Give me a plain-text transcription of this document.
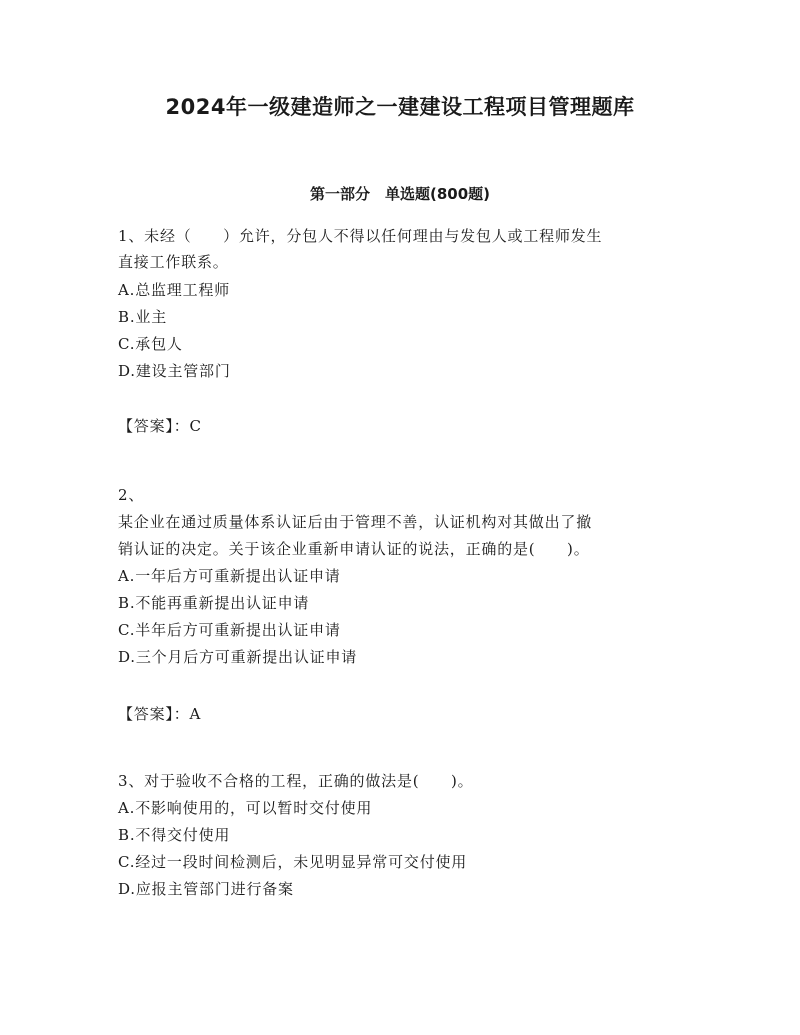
2024年一级建造师之一建建设工程项目管理题库
第一部分　单选题(800题)
1、未经（　　）允许，分包人不得以任何理由与发包人或工程师发生
直接工作联系。
A.总监理工程师
B.业主
C.承包人
D.建设主管部门
【答案】：C
2、
某企业在通过质量体系认证后由于管理不善，认证机构对其做出了撤
销认证的决定。关于该企业重新申请认证的说法，正确的是(　　)。
A.一年后方可重新提出认证申请
B.不能再重新提出认证申请
C.半年后方可重新提出认证申请
D.三个月后方可重新提出认证申请
【答案】：A
3、对于验收不合格的工程，正确的做法是(　　)。
A.不影响使用的，可以暂时交付使用
B.不得交付使用
C.经过一段时间检测后，未见明显异常可交付使用
D.应报主管部门进行备案
